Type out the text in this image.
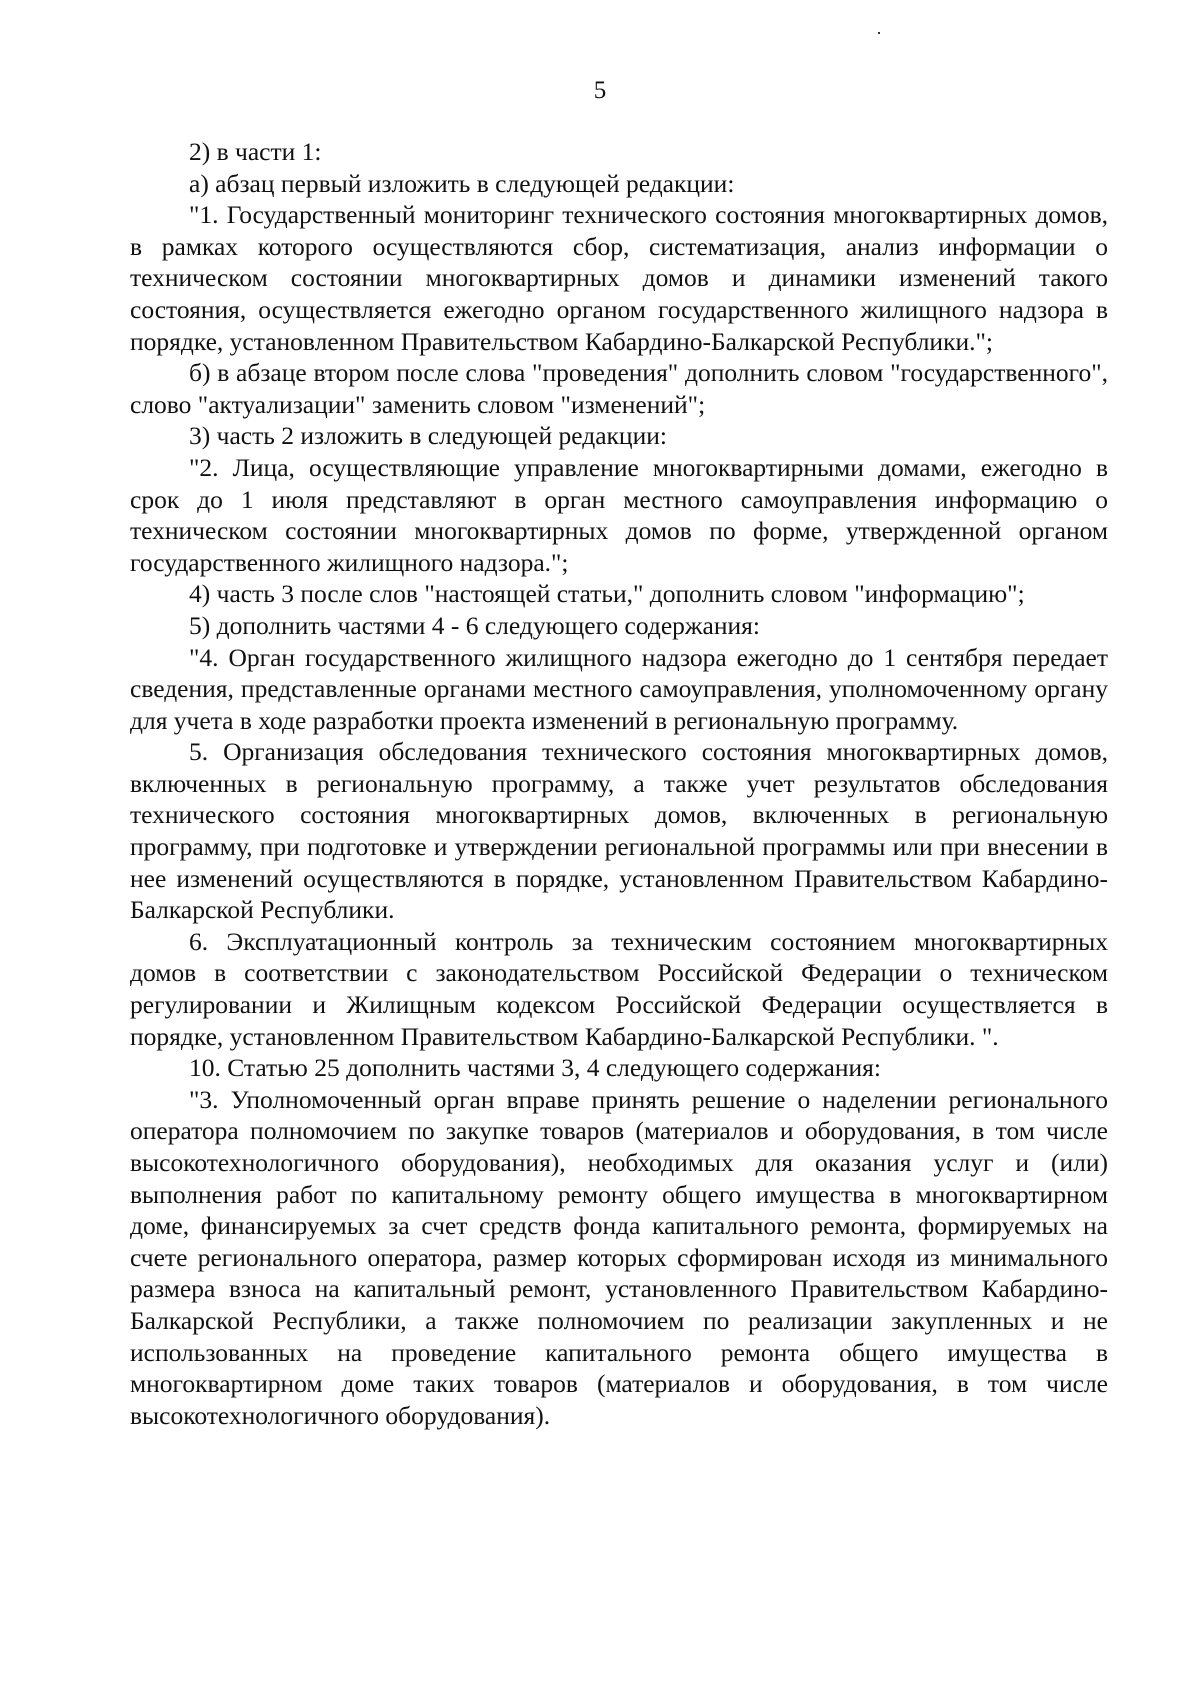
5

2) в части 1:

а) абзац первый изложить в следующей редакции:

"1. Государственный мониторинг технического состояния многоквартирных домов, в рамках которого осуществляются сбор, систематизация, анализ информации о техническом состоянии многоквартирных домов и динамики изменений такого состояния, осуществляется ежегодно органом государственного жилищного надзора в порядке, установленном Правительством Кабардино-Балкарской Республики.";

б) в абзаце втором после слова "проведения" дополнить словом "государственного", слово "актуализации" заменить словом "изменений";

3) часть 2 изложить в следующей редакции:

"2. Лица, осуществляющие управление многоквартирными домами, ежегодно в срок до 1 июля представляют в орган местного самоуправления информацию о техническом состоянии многоквартирных домов по форме, утвержденной органом государственного жилищного надзора.";

4) часть 3 после слов "настоящей статьи," дополнить словом "информацию";

5) дополнить частями 4 - 6 следующего содержания:

"4. Орган государственного жилищного надзора ежегодно до 1 сентября передает сведения, представленные органами местного самоуправления, уполномоченному органу для учета в ходе разработки проекта изменений в региональную программу.

5. Организация обследования технического состояния многоквартирных домов, включенных в региональную программу, а также учет результатов обследования технического состояния многоквартирных домов, включенных в региональную программу, при подготовке и утверждении региональной программы или при внесении в нее изменений осуществляются в порядке, установленном Правительством Кабардино-Балкарской Республики.

6. Эксплуатационный контроль за техническим состоянием многоквартирных домов в соответствии с законодательством Российской Федерации о техническом регулировании и Жилищным кодексом Российской Федерации осуществляется в порядке, установленном Правительством Кабардино-Балкарской Республики. ".

10. Статью 25 дополнить частями 3, 4 следующего содержания:

"3. Уполномоченный орган вправе принять решение о наделении регионального оператора полномочием по закупке товаров (материалов и оборудования, в том числе высокотехнологичного оборудования), необходимых для оказания услуг и (или) выполнения работ по капитальному ремонту общего имущества в многоквартирном доме, финансируемых за счет средств фонда капитального ремонта, формируемых на счете регионального оператора, размер которых сформирован исходя из минимального размера взноса на капитальный ремонт, установленного Правительством Кабардино-Балкарской Республики, а также полномочием по реализации закупленных и не использованных на проведение капитального ремонта общего имущества в многоквартирном доме таких товаров (материалов и оборудования, в том числе высокотехнологичного оборудования).
